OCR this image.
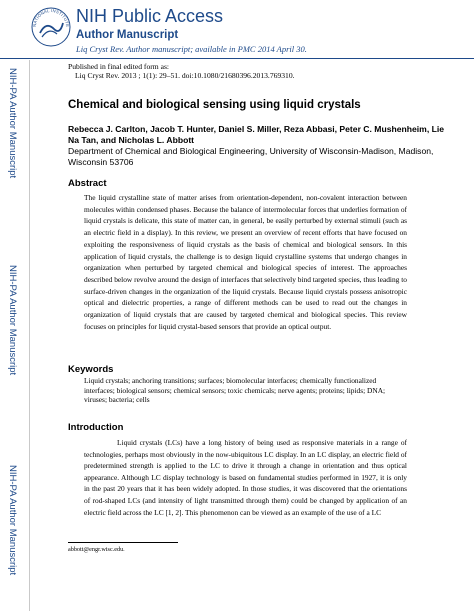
NIH-PA Author Manuscript
NIH-PA Author Manuscript
NIH-PA Author Manuscript
NATIONAL INSTITUTE NIH Public Access
Author Manuscript
Liq Cryst Rev. Author manuscript; available in PMC 2014 April 30.
Published in final edited form as:
Liq Cryst Rev. 2013 ; 1(1): 29–51. doi:10.1080/21680396.2013.769310.
Chemical and biological sensing using liquid crystals
Rebecca J. Carlton, Jacob T. Hunter, Daniel S. Miller, Reza Abbasi, Peter C. Mushenheim, Lie Na Tan, and Nicholas L. Abbott
Department of Chemical and Biological Engineering, University of Wisconsin-Madison, Madison, Wisconsin 53706
Abstract
The liquid crystalline state of matter arises from orientation-dependent, non-covalent interaction between molecules within condensed phases. Because the balance of intermolecular forces that underlies formation of liquid crystals is delicate, this state of matter can, in general, be easily perturbed by external stimuli (such as an electric field in a display). In this review, we present an overview of recent efforts that have focused on exploiting the responsiveness of liquid crystals as the basis of chemical and biological sensors. In this application of liquid crystals, the challenge is to design liquid crystalline systems that undergo changes in organization when perturbed by targeted chemical and biological species of interest. The approaches described below revolve around the design of interfaces that selectively bind targeted species, thus leading to surface-driven changes in the organization of the liquid crystals. Because liquid crystals possess anisotropic optical and dielectric properties, a range of different methods can be used to read out the changes in organization of liquid crystals that are caused by targeted chemical and biological species. This review focuses on principles for liquid crystal-based sensors that provide an optical output.
Keywords
Liquid crystals; anchoring transitions; surfaces; biomolecular interfaces; chemically functionalized interfaces; biological sensors; chemical sensors; toxic chemicals; nerve agents; proteins; lipids; DNA; viruses; bacteria; cells
Introduction
Liquid crystals (LCs) have a long history of being used as responsive materials in a range of technologies, perhaps most obviously in the now-ubiquitous LC display. In an LC display, an electric field of predetermined strength is applied to the LC to drive it through a change in orientation and thus optical appearance. Although LC display technology is based on fundamental studies performed in 1927, it is only in the past 20 years that it has been widely adopted. In those studies, it was discovered that the orientations of rod-shaped LCs (and intensity of light transmitted through them) could be changed by application of an electric field across the LC [1, 2]. This phenomenon can be viewed as an example of the use of a LC
abbott@engr.wisc.edu.
